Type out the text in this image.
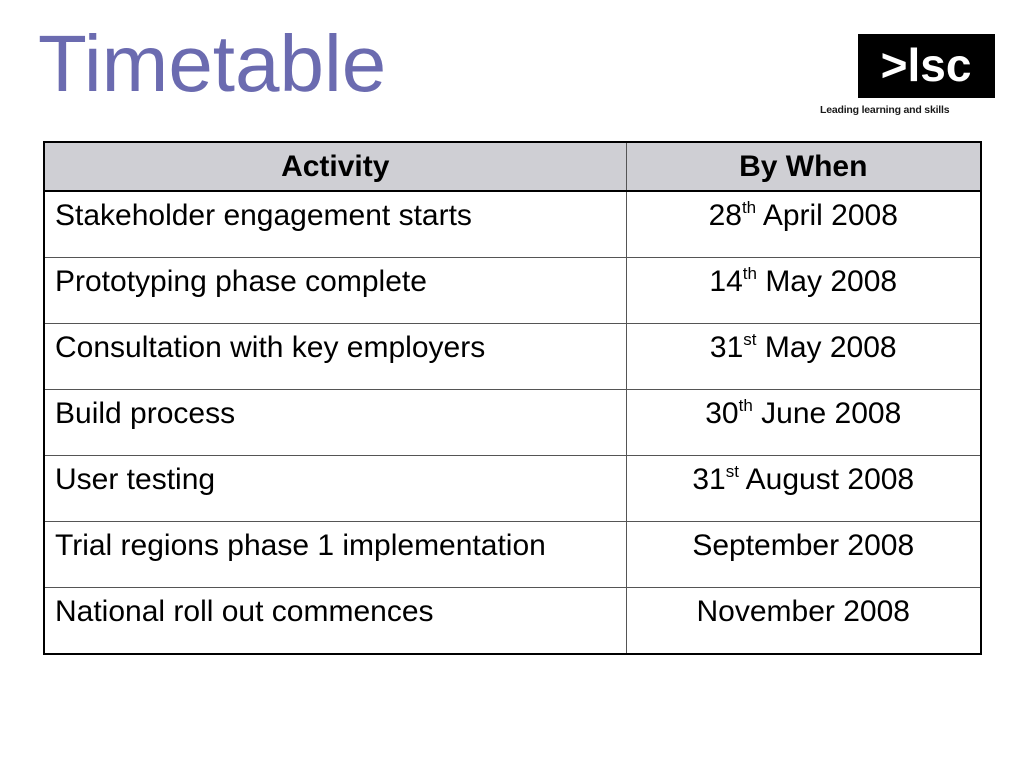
Timetable	>lsc
Leading learning and skills
Activity	By When
Stakeholder engagement starts	28th April 2008
Prototyping phase complete	14th May 2008
Consultation with key employers	31st May 2008
Build process	30th June 2008
User testing	31st August 2008
Trial regions phase 1 implementation	September 2008
National roll out commences	November 2008
